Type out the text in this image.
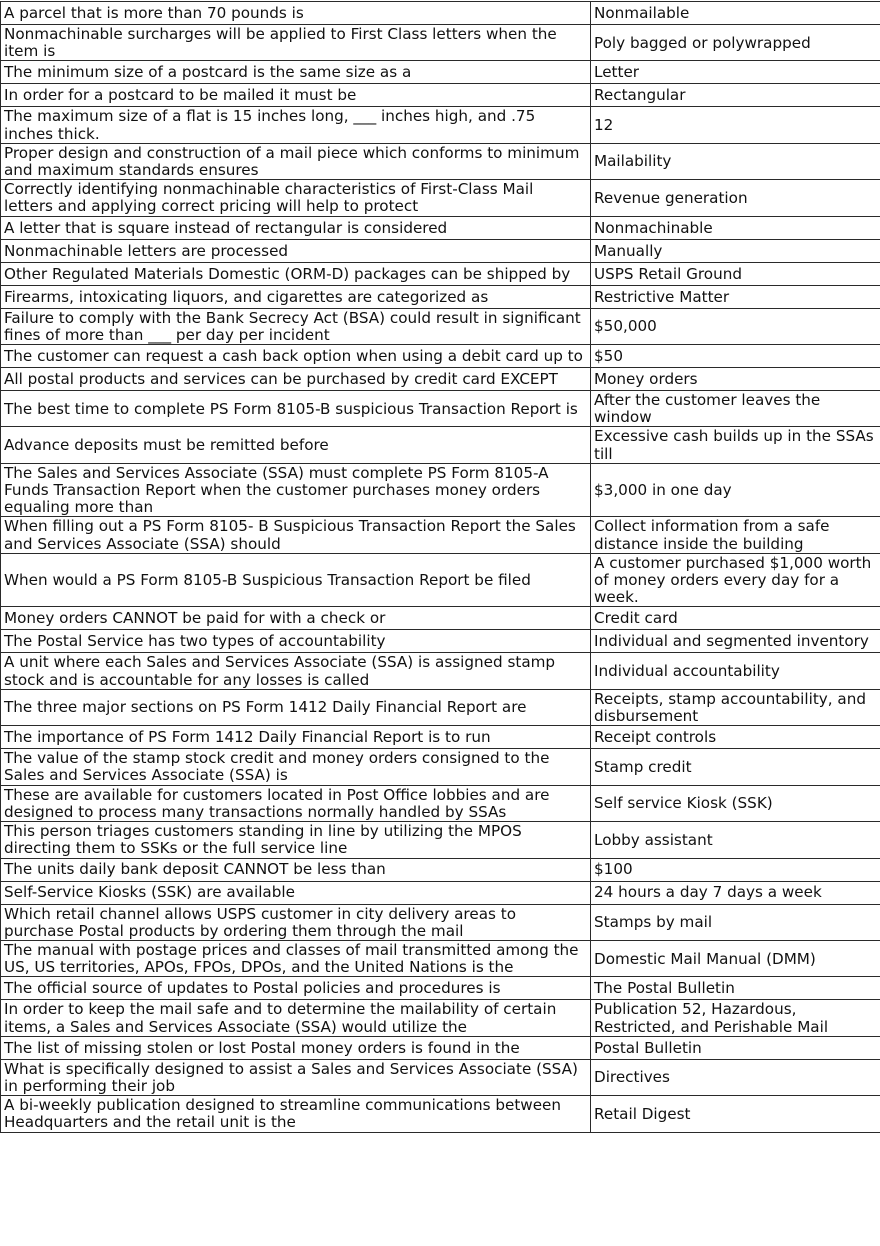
A parcel that is more than 70 pounds is	Nonmailable
Nonmachinable surcharges will be applied to First Class letters when the item is	Poly bagged or polywrapped
The minimum size of a postcard is the same size as a	Letter
In order for a postcard to be mailed it must be	Rectangular
The maximum size of a flat is 15 inches long, ___ inches high, and .75 inches thick.	12
Proper design and construction of a mail piece which conforms to minimum and maximum standards ensures	Mailability
Correctly identifying nonmachinable characteristics of First-Class Mail letters and applying correct pricing will help to protect	Revenue generation
A letter that is square instead of rectangular is considered	Nonmachinable
Nonmachinable letters are processed	Manually
Other Regulated Materials Domestic (ORM-D) packages can be shipped by	USPS Retail Ground
Firearms, intoxicating liquors, and cigarettes are categorized as	Restrictive Matter
Failure to comply with the Bank Secrecy Act (BSA) could result in significant fines of more than ___ per day per incident	$50,000
The customer can request a cash back option when using a debit card up to	$50
All postal products and services can be purchased by credit card EXCEPT	Money orders
The best time to complete PS Form 8105-B suspicious Transaction Report is	After the customer leaves the window
Advance deposits must be remitted before	Excessive cash builds up in the SSAs till
The Sales and Services Associate (SSA) must complete PS Form 8105-A Funds Transaction Report when the customer purchases money orders equaling more than	$3,000 in one day
When filling out a PS Form 8105- B Suspicious Transaction Report the Sales and Services Associate (SSA) should	Collect information from a safe distance inside the building
When would a PS Form 8105-B Suspicious Transaction Report be filed	A customer purchased $1,000 worth of money orders every day for a week.
Money orders CANNOT be paid for with a check or	Credit card
The Postal Service has two types of accountability	Individual and segmented inventory
A unit where each Sales and Services Associate (SSA) is assigned stamp stock and is accountable for any losses is called	Individual accountability
The three major sections on PS Form 1412 Daily Financial Report are	Receipts, stamp accountability, and disbursement
The importance of PS Form 1412 Daily Financial Report is to run	Receipt controls
The value of the stamp stock credit and money orders consigned to the Sales and Services Associate (SSA) is	Stamp credit
These are available for customers located in Post Office lobbies and are designed to process many transactions normally handled by SSAs	Self service Kiosk (SSK)
This person triages customers standing in line by utilizing the MPOS directing them to SSKs or the full service line	Lobby assistant
The units daily bank deposit CANNOT be less than	$100
Self-Service Kiosks (SSK) are available	24 hours a day 7 days a week
Which retail channel allows USPS customer in city delivery areas to purchase Postal products by ordering them through the mail	Stamps by mail
The manual with postage prices and classes of mail transmitted among the US, US territories, APOs, FPOs, DPOs, and the United Nations is the	Domestic Mail Manual (DMM)
The official source of updates to Postal policies and procedures is	The Postal Bulletin
In order to keep the mail safe and to determine the mailability of certain items, a Sales and Services Associate (SSA) would utilize the	Publication 52, Hazardous, Restricted, and Perishable Mail
The list of missing stolen or lost Postal money orders is found in the	Postal Bulletin
What is specifically designed to assist a Sales and Services Associate (SSA) in performing their job	Directives
A bi-weekly publication designed to streamline communications between Headquarters and the retail unit is the	Retail Digest
